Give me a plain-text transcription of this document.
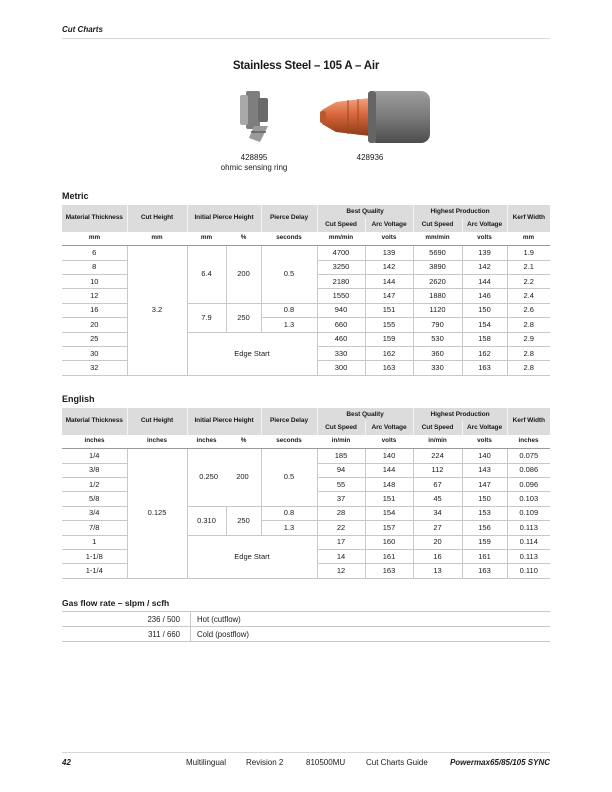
Cut Charts
Stainless Steel – 105 A – Air
428895
ohmic sensing ring
428936
Metric
Material Thickness	Cut Height	Initial Pierce Height		Pierce Delay	Best Quality		Highest Production		Kerf Width
					Cut Speed	Arc Voltage	Cut Speed	Arc Voltage	
mm	mm	mm	%	seconds	mm/min	volts	mm/min	volts	mm
6	3.2	6.4	200	0.5	4700	139	5690	139	1.9
8					3250	142	3890	142	2.1
10					2180	144	2620	144	2.2
12					1550	147	1880	146	2.4
16		7.9	250	0.8	940	151	1120	150	2.6
20				1.3	660	155	790	154	2.8
25		Edge Start			460	159	530	158	2.9
30					330	162	360	162	2.8
32					300	163	330	163	2.8
English
Material Thickness	Cut Height	Initial Pierce Height		Pierce Delay	Best Quality		Highest Production		Kerf Width
					Cut Speed	Arc Voltage	Cut Speed	Arc Voltage	
inches	inches	inches	%	seconds	in/min	volts	in/min	volts	inches
1/4	0.125	0.250 200		0.5	185	140	224	140	0.075
3/8					94	144	112	143	0.086
1/2					55	148	67	147	0.096
5/8					37	151	45	150	0.103
3/4		0.310	250	0.8	28	154	34	153	0.109
7/8				1.3	22	157	27	156	0.113
1		Edge Start			17	160	20	159	0.114
1-1/8					14	161	16	161	0.113
1-1/4					12	163	13	163	0.110
Gas flow rate – slpm / scfh
236 / 500	Hot (cutflow)
311 / 660	Cold (postflow)
42	Multilingual Revision 2	810500MU	Cut Charts Guide	Powermax65/85/105 SYNC
